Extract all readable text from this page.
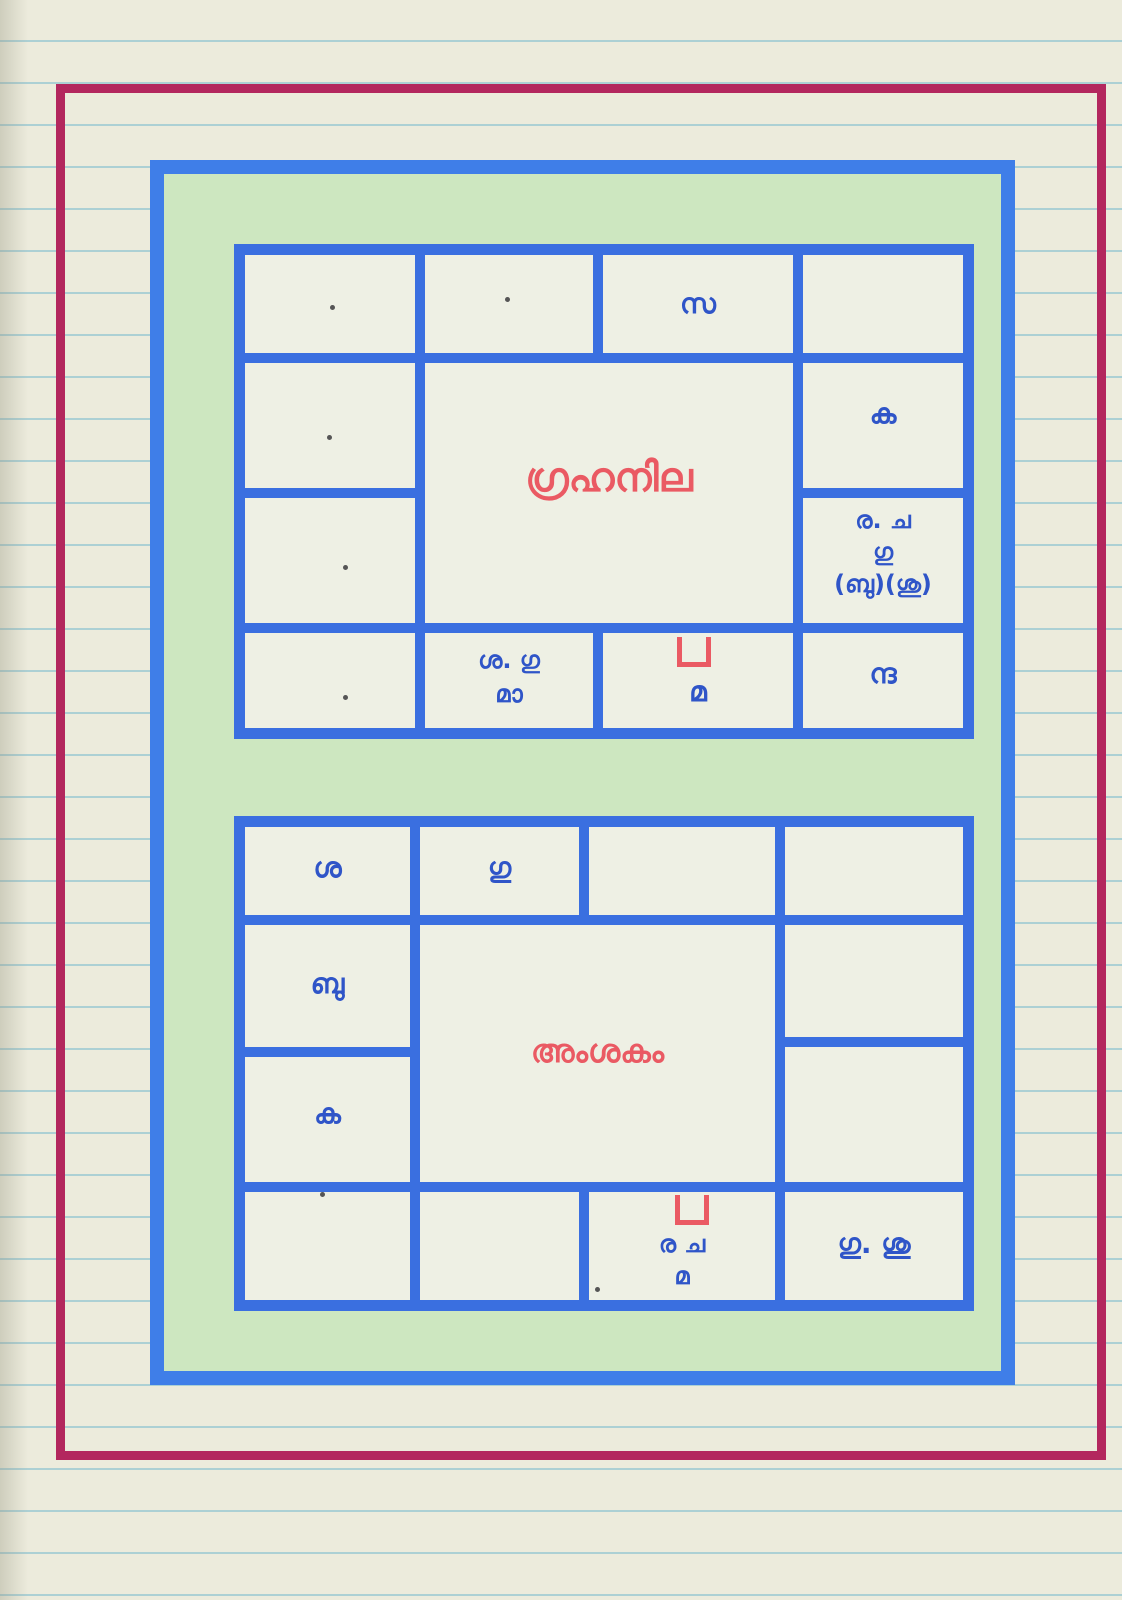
ഗ്രഹനില
സ
ക
ര. ച
ഗു
(ബു)(ശു)
ശ. ഗു
മാ	മ
ന്ദ
അംശകം
ശ	ഗു
ബു
ക
ര ച
മ
ഗു. ശു
